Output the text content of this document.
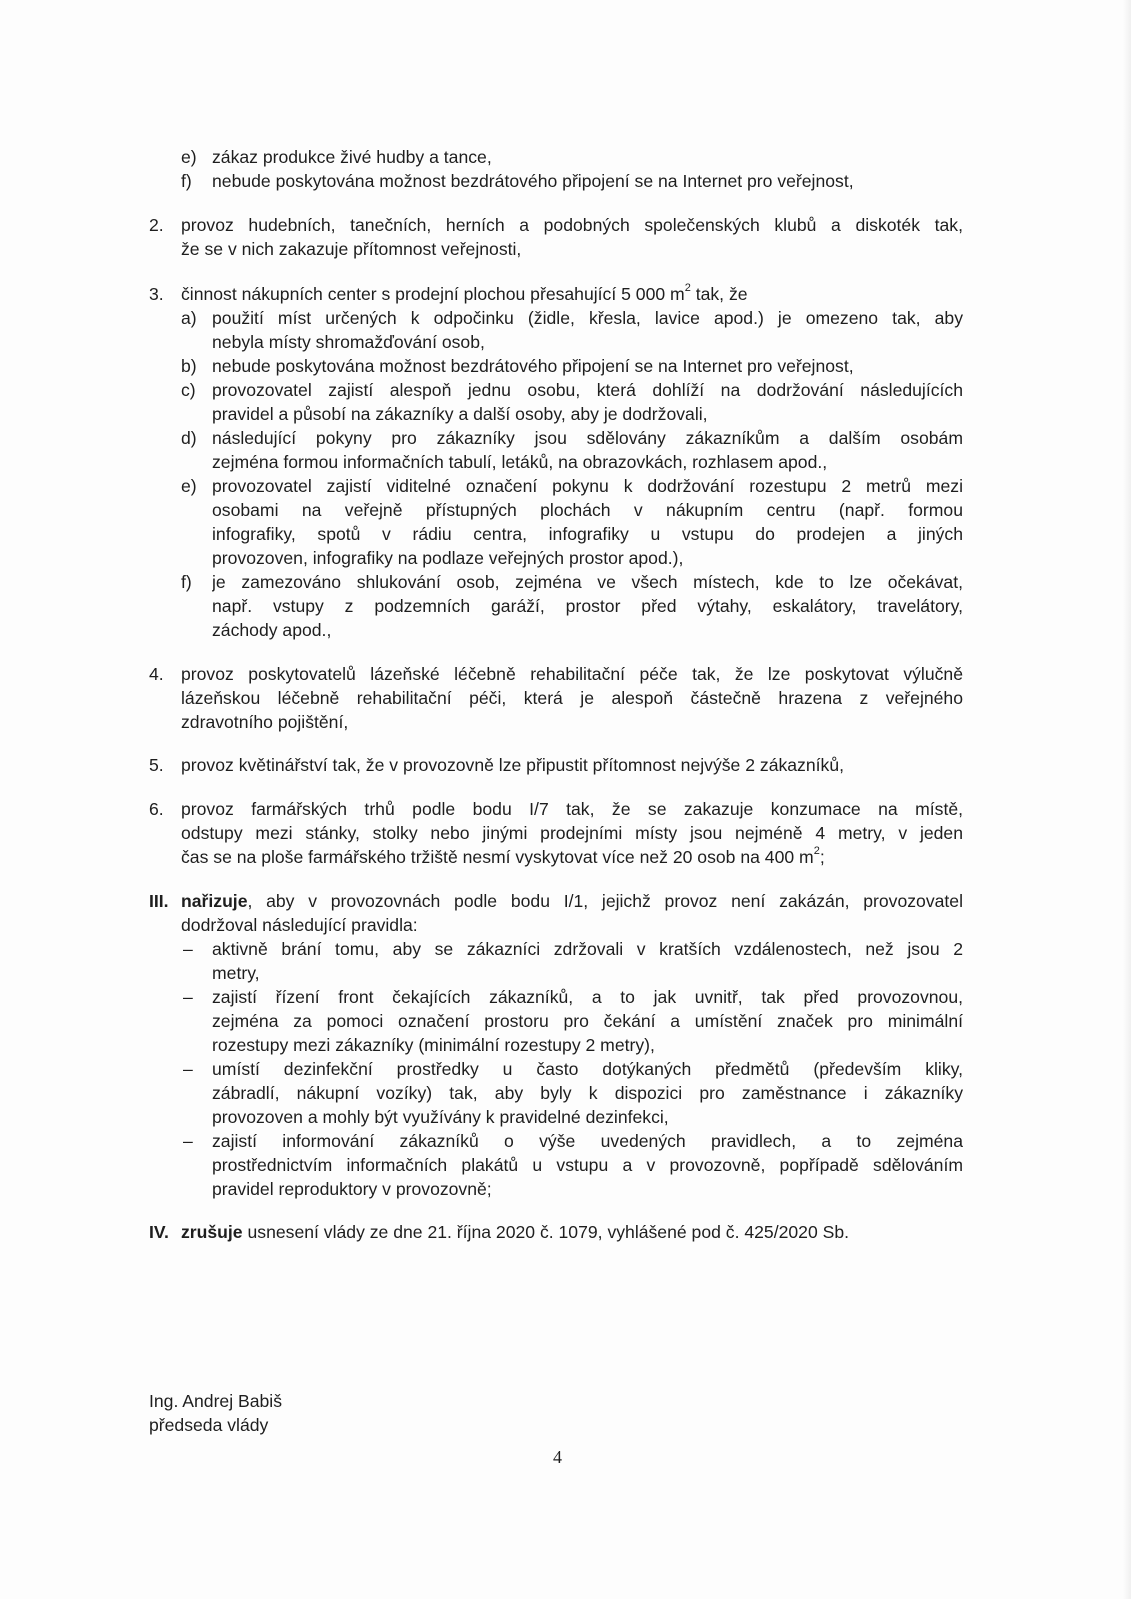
e) zákaz produkce živé hudby a tance,
f) nebude poskytována možnost bezdrátového připojení se na Internet pro veřejnost,
2. provoz hudebních, tanečních, herních a podobných společenských klubů a diskoték tak,
že se v nich zakazuje přítomnost veřejnosti,
3. činnost nákupních center s prodejní plochou přesahující 5 000 $m^2$ tak, že
a) použití míst určených k odpočinku (židle, křesla, lavice apod.) je omezeno tak, aby
nebyla místy shromažďování osob,
b) nebude poskytována možnost bezdrátového připojení se na Internet pro veřejnost,
c) provozovatel zajistí alespoň jednu osobu, která dohlíží na dodržování následujících
pravidel a působí na zákazníky a další osoby, aby je dodržovali,
d) následující pokyny pro zákazníky jsou sdělovány zákazníkům a dalším osobám
zejména formou informačních tabulí, letáků, na obrazovkách, rozhlasem apod.,
e) provozovatel zajistí viditelné označení pokynu k dodržování rozestupu 2 metrů mezi
osobami na veřejně přístupných plochách v nákupním centru (např. formou
infografiky, spotů v rádiu centra, infografiky u vstupu do prodejen a jiných
provozoven, infografiky na podlaze veřejných prostor apod.),
f) je zamezováno shlukování osob, zejména ve všech místech, kde to lze očekávat,
např. vstupy z podzemních garáží, prostor před výtahy, eskalátory, travelátory,
záchody apod.,
4. provoz poskytovatelů lázeňské léčebně rehabilitační péče tak, že lze poskytovat výlučně
lázeňskou léčebně rehabilitační péči, která je alespoň částečně hrazena z veřejného
zdravotního pojištění,
5. provoz květinářství tak, že v provozovně lze připustit přítomnost nejvýše 2 zákazníků,
6. provoz farmářských trhů podle bodu I/7 tak, že se zakazuje konzumace na místě,
odstupy mezi stánky, stolky nebo jinými prodejními místy jsou nejméně 4 metry, v jeden
čas se na ploše farmářského tržiště nesmí vyskytovat více než 20 osob na 400 $m^2$;
III. nařizuje, aby v provozovnách podle bodu I/1, jejichž provoz není zakázán, provozovatel
dodržoval následující pravidla:
– aktivně brání tomu, aby se zákazníci zdržovali v kratších vzdálenostech, než jsou 2
metry,
– zajistí řízení front čekajících zákazníků, a to jak uvnitř, tak před provozovnou,
zejména za pomoci označení prostoru pro čekání a umístění značek pro minimální
rozestupy mezi zákazníky (minimální rozestupy 2 metry),
– umístí dezinfekční prostředky u často dotýkaných předmětů (především kliky,
zábradlí, nákupní vozíky) tak, aby byly k dispozici pro zaměstnance i zákazníky
provozoven a mohly být využívány k pravidelné dezinfekci,
– zajistí informování zákazníků o výše uvedených pravidlech, a to zejména
prostřednictvím informačních plakátů u vstupu a v provozovně, popřípadě sdělováním
pravidel reproduktory v provozovně;
IV. zrušuje usnesení vlády ze dne 21. října 2020 č. 1079, vyhlášené pod č. 425/2020 Sb.
Ing. Andrej Babiš
předseda vlády
4
